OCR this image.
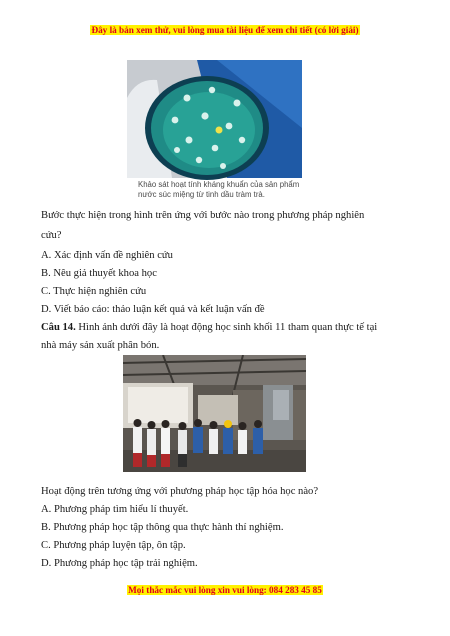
Đây là bản xem thử, vui lòng mua tài liệu để xem chi tiết (có lời giải)
Khảo sát hoạt tính kháng khuẩn của sản phẩm
nước súc miệng từ tinh dầu tràm trà.
Bước thực hiện trong hình trên ứng với bước nào trong phương pháp nghiên
cứu?
A. Xác định vấn đề nghiên cứu
B. Nêu giả thuyết khoa học
C. Thực hiện nghiên cứu
D. Viết báo cáo: thảo luận kết quả và kết luận vấn đề
Câu 14. Hình ảnh dưới đây là hoạt động học sinh khối 11 tham quan thực tế tại
nhà máy sản xuất phân bón.
Hoạt động trên tương ứng với phương pháp học tập hóa học nào?
A. Phương pháp tìm hiểu lí thuyết.
B. Phương pháp học tập thông qua thực hành thí nghiệm.
C. Phương pháp luyện tập, ôn tập.
D. Phương pháp học tập trải nghiệm.
Mọi thắc mắc vui lòng xin vui lòng: 084 283 45 85
